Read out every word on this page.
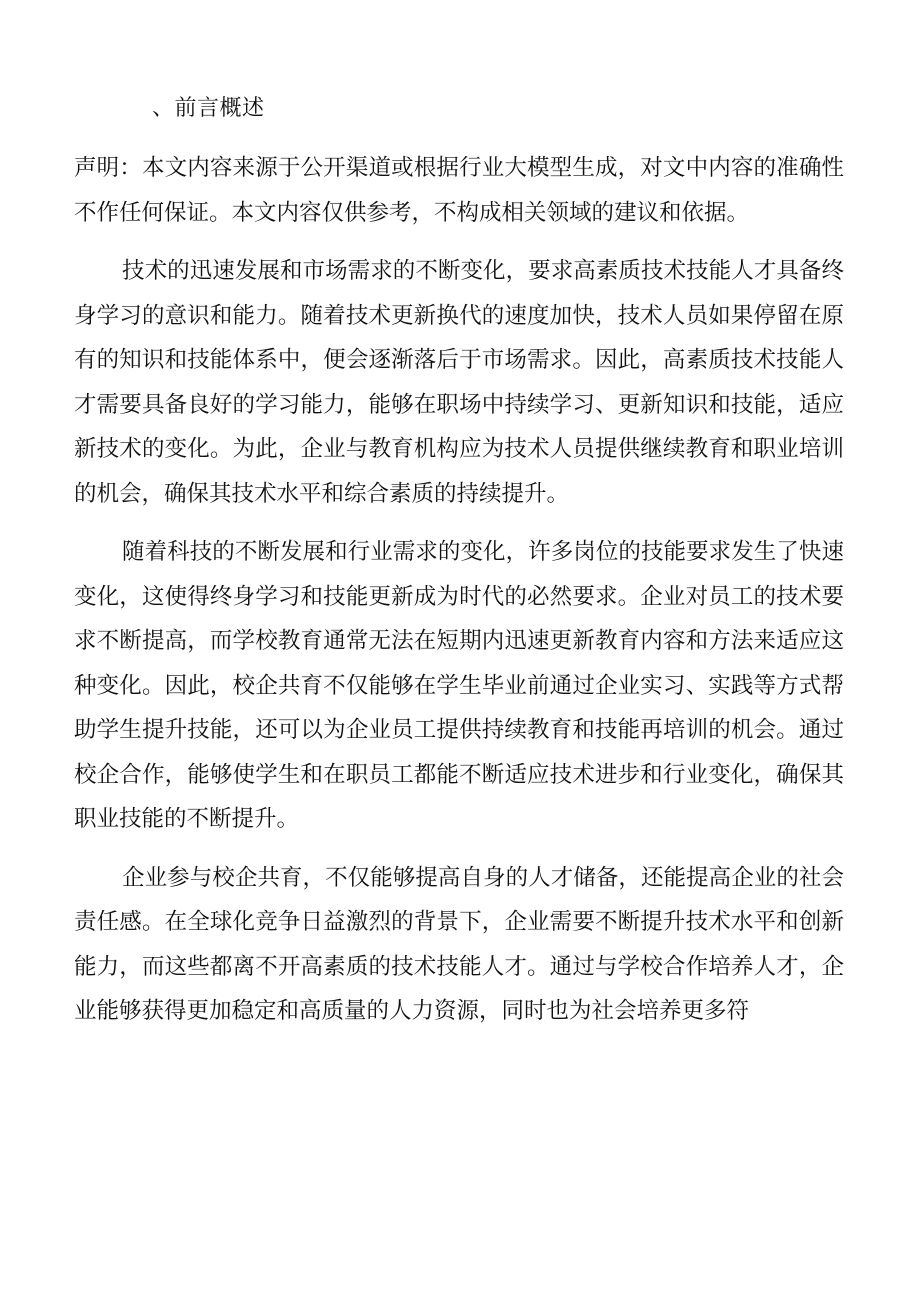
、前言概述

声明：本文内容来源于公开渠道或根据行业大模型生成，对文中内容的准确性不作任何保证。本文内容仅供参考，不构成相关领域的建议和依据。

技术的迅速发展和市场需求的不断变化，要求高素质技术技能人才具备终身学习的意识和能力。随着技术更新换代的速度加快，技术人员如果停留在原有的知识和技能体系中，便会逐渐落后于市场需求。因此，高素质技术技能人才需要具备良好的学习能力，能够在职场中持续学习、更新知识和技能，适应新技术的变化。为此，企业与教育机构应为技术人员提供继续教育和职业培训的机会，确保其技术水平和综合素质的持续提升。

随着科技的不断发展和行业需求的变化，许多岗位的技能要求发生了快速变化，这使得终身学习和技能更新成为时代的必然要求。企业对员工的技术要求不断提高，而学校教育通常无法在短期内迅速更新教育内容和方法来适应这种变化。因此，校企共育不仅能够在学生毕业前通过企业实习、实践等方式帮助学生提升技能，还可以为企业员工提供持续教育和技能再培训的机会。通过校企合作，能够使学生和在职员工都能不断适应技术进步和行业变化，确保其职业技能的不断提升。

企业参与校企共育，不仅能够提高自身的人才储备，还能提高企业的社会责任感。在全球化竞争日益激烈的背景下，企业需要不断提升技术水平和创新能力，而这些都离不开高素质的技术技能人才。通过与学校合作培养人才，企业能够获得更加稳定和高质量的人力资源，同时也为社会培养更多符
